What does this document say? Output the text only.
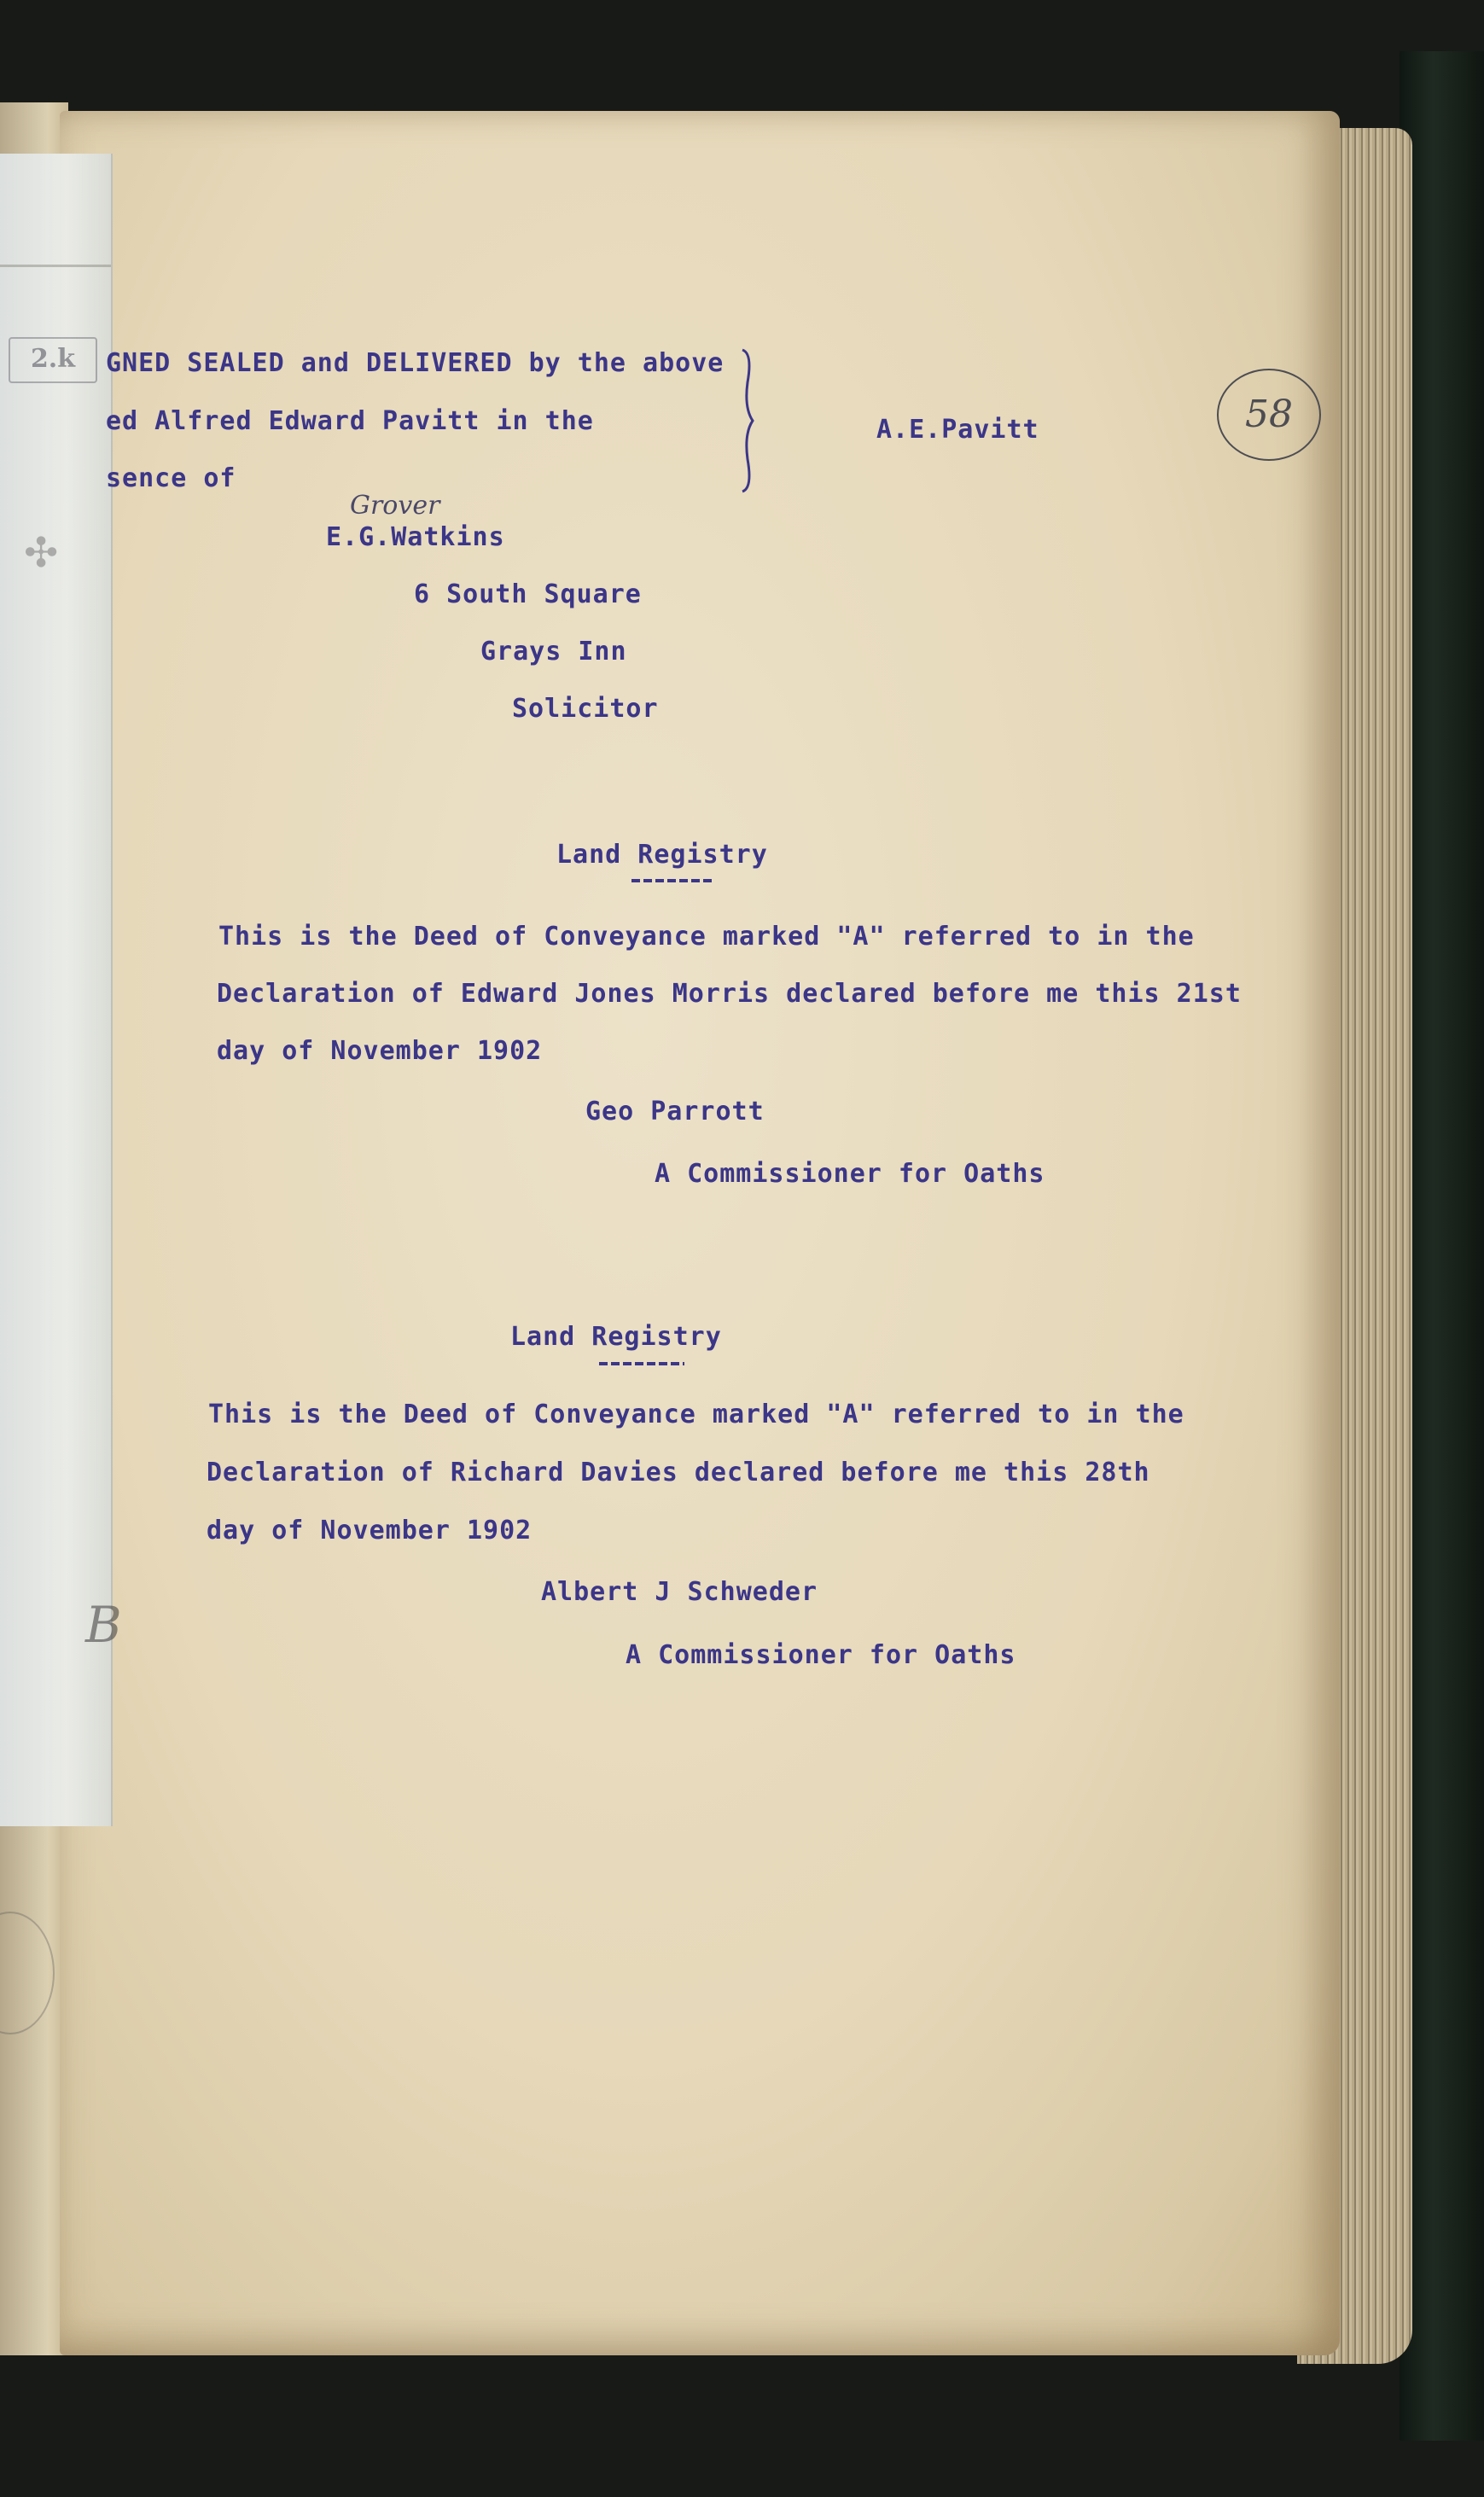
2.k
✣
B
58
GNED SEALED and DELIVERED by the above
ed Alfred Edward Pavitt in the
sence of
A.E.Pavitt
Grover
E.G.Watkins
6 South Square
Grays Inn
Solicitor
Land Registry
This is the Deed of Conveyance marked "A" referred to in the
Declaration of Edward Jones Morris declared before me this 21st
day of November 1902
Geo Parrott
A Commissioner for Oaths
Land Registry
This is the Deed of Conveyance marked "A" referred to in the
Declaration of Richard Davies declared before me this 28th
day of November 1902
Albert J Schweder
A Commissioner for Oaths
